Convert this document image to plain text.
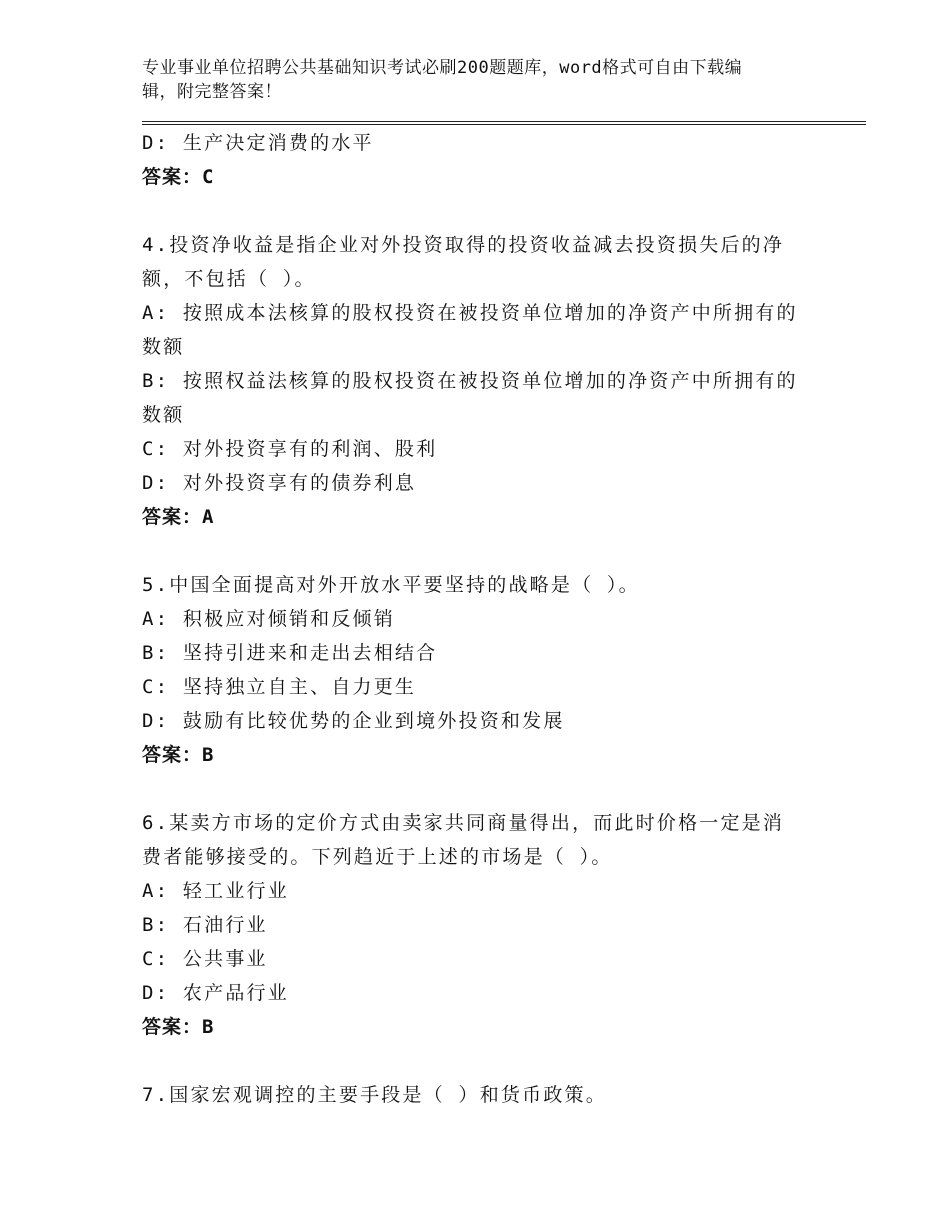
专业事业单位招聘公共基础知识考试必刷200题题库，word格式可自由下载编
辑，附完整答案！
D: 生产决定消费的水平
答案：C
4.投资净收益是指企业对外投资取得的投资收益减去投资损失后的净
额，不包括（ ）。
A: 按照成本法核算的股权投资在被投资单位增加的净资产中所拥有的
数额
B: 按照权益法核算的股权投资在被投资单位增加的净资产中所拥有的
数额
C: 对外投资享有的利润、股利
D: 对外投资享有的债券利息
答案：A
5.中国全面提高对外开放水平要坚持的战略是（ ）。
A: 积极应对倾销和反倾销
B: 坚持引进来和走出去相结合
C: 坚持独立自主、自力更生
D: 鼓励有比较优势的企业到境外投资和发展
答案：B
6.某卖方市场的定价方式由卖家共同商量得出，而此时价格一定是消
费者能够接受的。下列趋近于上述的市场是（ ）。
A: 轻工业行业
B: 石油行业
C: 公共事业
D: 农产品行业
答案：B
7.国家宏观调控的主要手段是（ ）和货币政策。
